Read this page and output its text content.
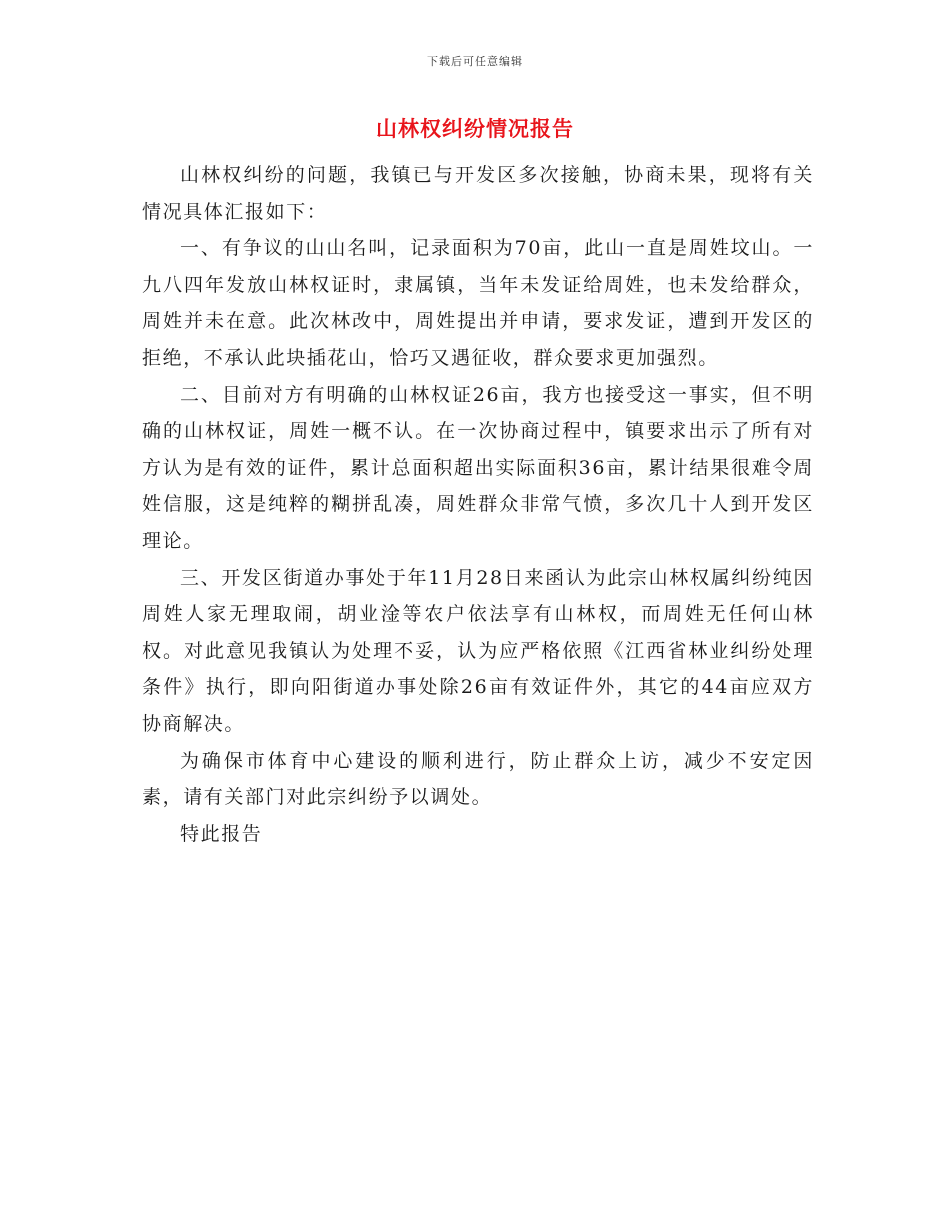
下载后可任意编辑
山林权纠纷情况报告

山林权纠纷的问题，我镇已与开发区多次接触，协商未果，现将有关情况具体汇报如下：

一、有争议的山山名叫，记录面积为70亩，此山一直是周姓坟山。一九八四年发放山林权证时，隶属镇，当年未发证给周姓，也未发给群众，周姓并未在意。此次林改中，周姓提出并申请，要求发证，遭到开发区的拒绝，不承认此块插花山，恰巧又遇征收，群众要求更加强烈。

二、目前对方有明确的山林权证26亩，我方也接受这一事实，但不明确的山林权证，周姓一概不认。在一次协商过程中，镇要求出示了所有对方认为是有效的证件，累计总面积超出实际面积36亩，累计结果很难令周姓信服，这是纯粹的糊拼乱凑，周姓群众非常气愤，多次几十人到开发区理论。

三、开发区街道办事处于年11月28日来函认为此宗山林权属纠纷纯因周姓人家无理取闹，胡业淦等农户依法享有山林权，而周姓无任何山林权。对此意见我镇认为处理不妥，认为应严格依照《江西省林业纠纷处理条件》执行，即向阳街道办事处除26亩有效证件外，其它的44亩应双方协商解决。

为确保市体育中心建设的顺利进行，防止群众上访，减少不安定因素，请有关部门对此宗纠纷予以调处。

特此报告
